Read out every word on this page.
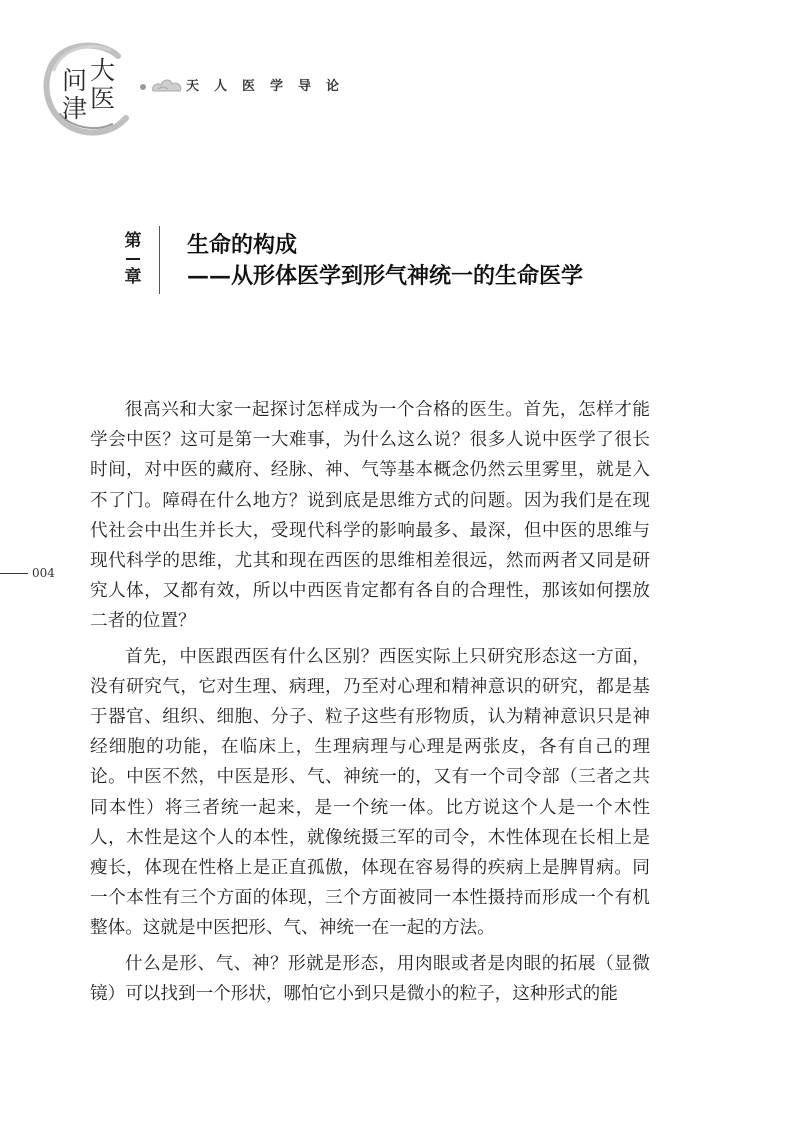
问 大
津 医	天人医学导论
第
章
生命的构成
——从形体医学到形气神统一的生命医学
004

很高兴和大家一起探讨怎样成为一个合格的医生。首先，怎样才能学会中医？这可是第一大难事，为什么这么说？很多人说中医学了很长时间，对中医的藏府、经脉、神、气等基本概念仍然云里雾里，就是入不了门。障碍在什么地方？说到底是思维方式的问题。因为我们是在现代社会中出生并长大，受现代科学的影响最多、最深，但中医的思维与现代科学的思维，尤其和现在西医的思维相差很远，然而两者又同是研究人体，又都有效，所以中西医肯定都有各自的合理性，那该如何摆放二者的位置？

首先，中医跟西医有什么区别？西医实际上只研究形态这一方面，没有研究气，它对生理、病理，乃至对心理和精神意识的研究，都是基于器官、组织、细胞、分子、粒子这些有形物质，认为精神意识只是神经细胞的功能，在临床上，生理病理与心理是两张皮，各有自己的理论。中医不然，中医是形、气、神统一的，又有一个司令部（三者之共同本性）将三者统一起来，是一个统一体。比方说这个人是一个木性人，木性是这个人的本性，就像统摄三军的司令，木性体现在长相上是瘦长，体现在性格上是正直孤傲，体现在容易得的疾病上是脾胃病。同一个本性有三个方面的体现，三个方面被同一本性摄持而形成一个有机整体。这就是中医把形、气、神统一在一起的方法。

什么是形、气、神？形就是形态，用肉眼或者是肉眼的拓展（显微镜）可以找到一个形状，哪怕它小到只是微小的粒子，这种形式的能
